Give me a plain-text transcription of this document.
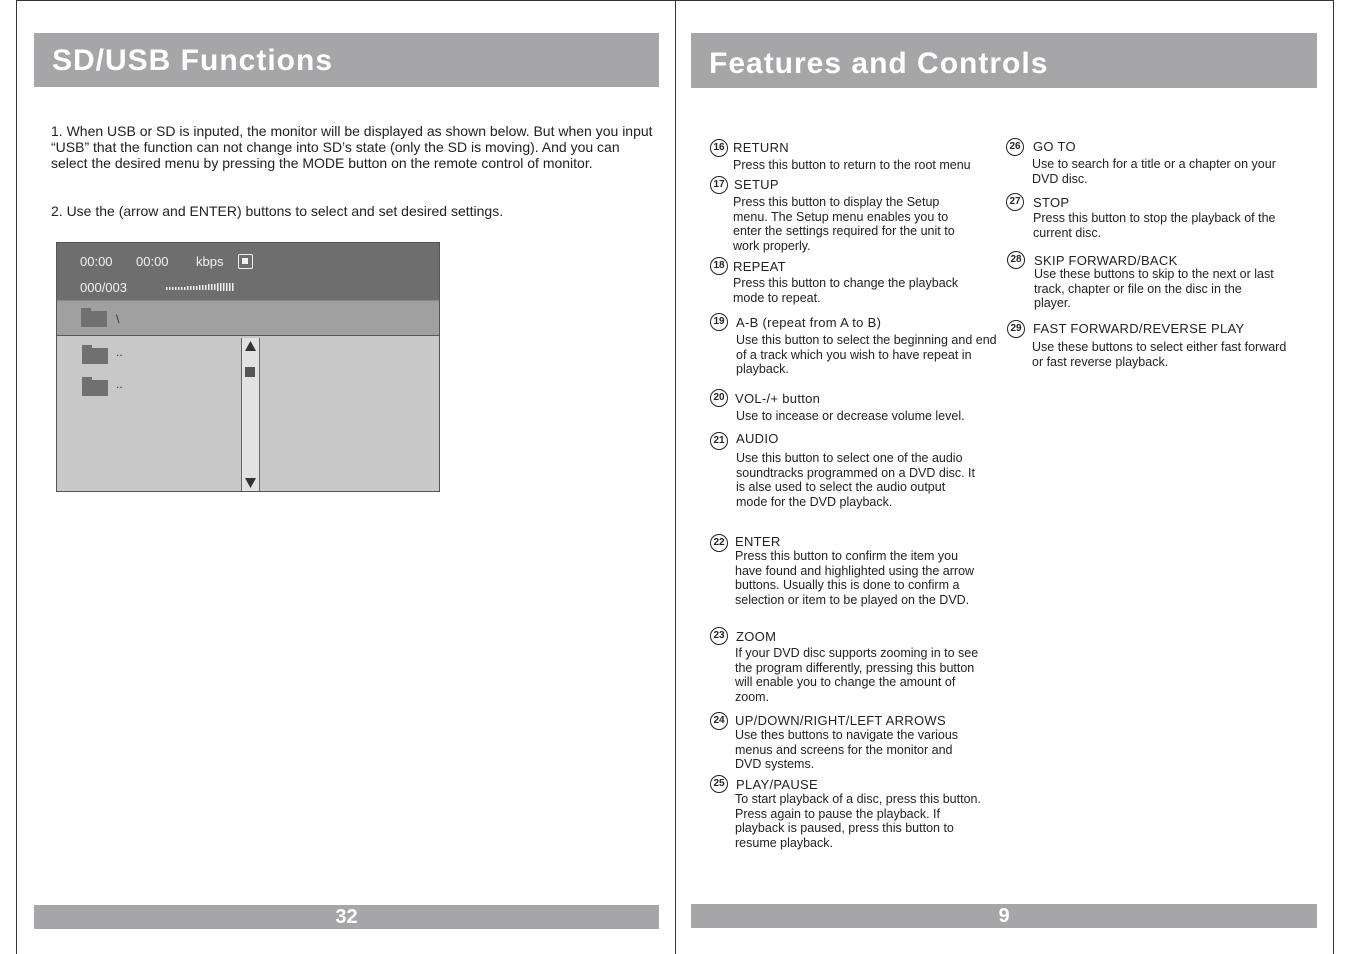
SD/USB Functions
1. When USB or SD is inputed, the monitor will be displayed as shown below. But when you input “USB” that the function can not change into SD’s state (only the SD is moving). And you can select the desired menu by pressing the MODE button on the remote control of monitor.
2. Use the (arrow and ENTER) buttons to select and set desired settings.
00:00 00:00 kbps
000/003
\
..
..
32
Features and Controls
16 RETURN
Press this button to return to the root menu
17 SETUP
Press this button to display the Setup menu. The Setup menu enables you to enter the settings required for the unit to work properly.
18 REPEAT
Press this button to change the playback mode to repeat.
19 A-B (repeat from A to B)
Use this button to select the beginning and end of a track which you wish to have repeat in playback.
20 VOL-/+ button
Use to incease or decrease volume level.
21 AUDIO
Use this button to select one of the audio soundtracks programmed on a DVD disc. It is alse used to select the audio output mode for the DVD playback.
22 ENTER
Press this button to confirm the item you have found and highlighted using the arrow buttons. Usually this is done to confirm a selection or item to be played on the DVD.
23 ZOOM
If your DVD disc supports zooming in to see the program differently, pressing this button will enable you to change the amount of zoom.
24 UP/DOWN/RIGHT/LEFT ARROWS
Use thes buttons to navigate the various menus and screens for the monitor and DVD systems.
25 PLAY/PAUSE
To start playback of a disc, press this button. Press again to pause the playback. If playback is paused, press this button to resume playback.
26 GO TO
Use to search for a title or a chapter on your DVD disc.
27 STOP
Press this button to stop the playback of the current disc.
28 SKIP FORWARD/BACK
Use these buttons to skip to the next or last track, chapter or file on the disc in the player.
29 FAST FORWARD/REVERSE PLAY
Use these buttons to select either fast forward or fast reverse playback.
9
